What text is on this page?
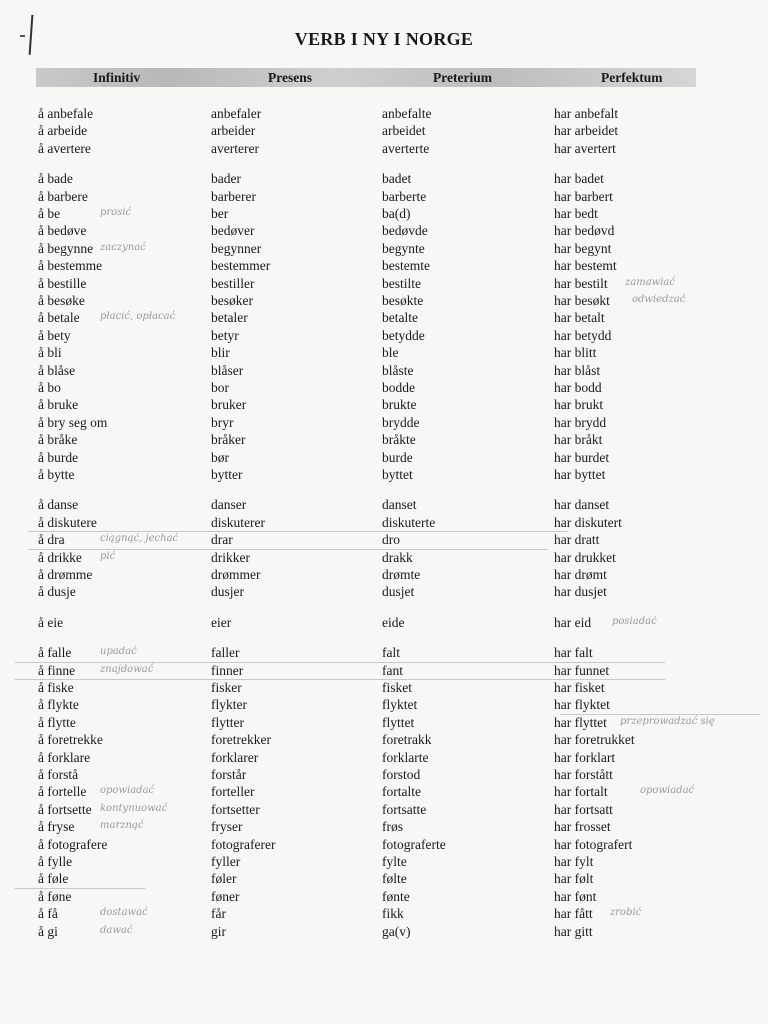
VERB I NY I NORGE
Infinitiv	Presens	Preterium	Perfektum
å anbefale	anbefaler	anbefalte	har anbefalt
å arbeide	arbeider	arbeidet	har arbeidet
å avertere	averterer	averterte	har avertert
å bade	bader	badet	har badet
å barbere	barberer	barberte	har barbert
å be	ber	ba(d)	har bedt
å bedøve	bedøver	bedøvde	har bedøvd
å begynne	begynner	begynte	har begynt
å bestemme	bestemmer	bestemte	har bestemt
å bestille	bestiller	bestilte	har bestilt
å besøke	besøker	besøkte	har besøkt
å betale	betaler	betalte	har betalt
å bety	betyr	betydde	har betydd
å bli	blir	ble	har blitt
å blåse	blåser	blåste	har blåst
å bo	bor	bodde	har bodd
å bruke	bruker	brukte	har brukt
å bry seg om	bryr	brydde	har brydd
å bråke	bråker	bråkte	har bråkt
å burde	bør	burde	har burdet
å bytte	bytter	byttet	har byttet
å danse	danser	danset	har danset
å diskutere	diskuterer	diskuterte	har diskutert
å dra	drar	dro	har dratt
å drikke	drikker	drakk	har drukket
å drømme	drømmer	drømte	har drømt
å dusje	dusjer	dusjet	har dusjet
å eie	eier	eide	har eid
å falle	faller	falt	har falt
å finne	finner	fant	har funnet
å fiske	fisker	fisket	har fisket
å flykte	flykter	flyktet	har flyktet
å flytte	flytter	flyttet	har flyttet
å foretrekke	foretrekker	foretrakk	har foretrukket
å forklare	forklarer	forklarte	har forklart
å forstå	forstår	forstod	har forstått
å fortelle	forteller	fortalte	har fortalt
å fortsette	fortsetter	fortsatte	har fortsatt
å fryse	fryser	frøs	har frosset
å fotografere	fotograferer	fotograferte	har fotografert
å fylle	fyller	fylte	har fylt
å føle	føler	følte	har følt
å føne	føner	fønte	har fønt
å få	får	fikk	har fått
å gi	gir	ga(v)	har gitt
prosić
zaczynać
zamawiać
odwiedzać
płacić, opłacać
ciągnąć, jechać
pić
posiadać
upadać
znajdować
przeprowadzać się
opowiadać	opowiadać
kontynuować
marznąć
dostawać
dawać
zrobić
